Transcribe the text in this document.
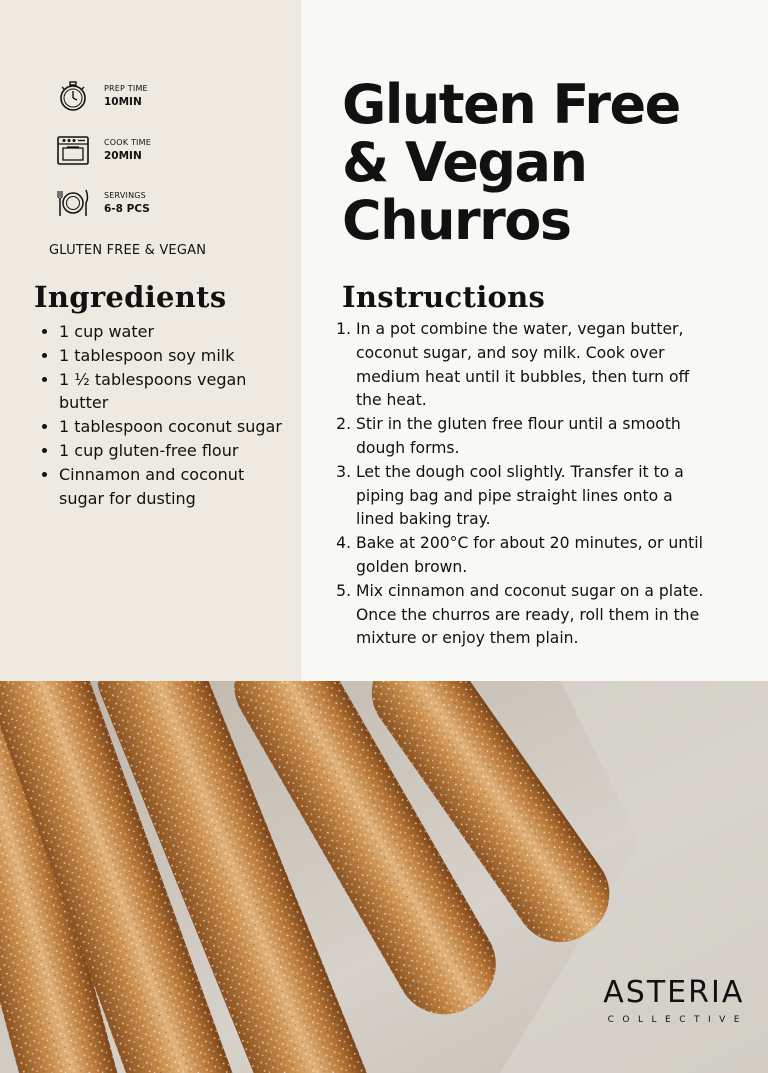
PREP TIME
10MIN
COOK TIME
20MIN
SERVINGS
6-8 PCS
GLUTEN FREE & VEGAN
Ingredients
• 1 cup water
• 1 tablespoon soy milk
• 1 ½ tablespoons vegan butter
• 1 tablespoon coconut sugar
• 1 cup gluten-free flour
• Cinnamon and coconut sugar for dusting
Gluten Free
& Vegan
Churros
Instructions
1. In a pot combine the water, vegan butter, coconut sugar, and soy milk. Cook over medium heat until it bubbles, then turn off the heat.
2. Stir in the gluten free flour until a smooth dough forms.
3. Let the dough cool slightly. Transfer it to a piping bag and pipe straight lines onto a lined baking tray.
4. Bake at 200°C for about 20 minutes, or until golden brown.
5. Mix cinnamon and coconut sugar on a plate. Once the churros are ready, roll them in the mixture or enjoy them plain.
ASTERIA
COLLECTIVE
